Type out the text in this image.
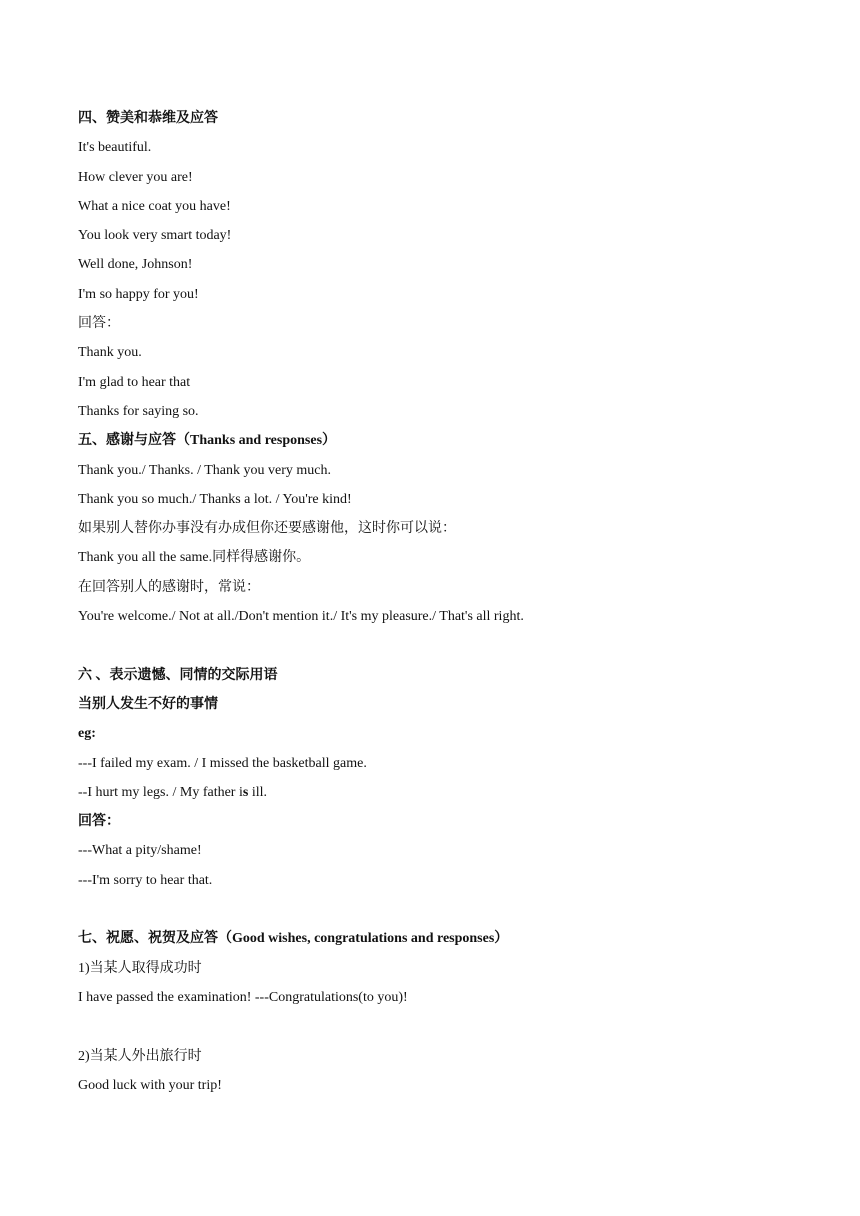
四、赞美和恭维及应答
It's beautiful.
How clever you are!
What a nice coat you have!
You look very smart today!
Well done, Johnson!
I'm so happy for you!
回答：
Thank you.
I'm glad to hear that
Thanks for saying so.
五、感谢与应答（Thanks and responses）
Thank you./ Thanks. / Thank you very much.
Thank you so much./ Thanks a lot. / You're kind!
如果别人替你办事没有办成但你还要感谢他，这时你可以说：
Thank you all the same.同样得感谢你。
在回答别人的感谢时，常说：
You're welcome./ Not at all./Don't mention it./ It's my pleasure./ That's all right.
六 、表示遗憾、同情的交际用语
当别人发生不好的事情
eg:
---I failed my exam. / I missed the basketball game.
--I hurt my legs. / My father is ill.
回答：
---What a pity/shame!
---I'm sorry to hear that.
七、祝愿、祝贺及应答（Good wishes, congratulations and responses）
1)当某人取得成功时
I have passed the examination! ---Congratulations(to you)!
2)当某人外出旅行时
Good luck with your trip!
